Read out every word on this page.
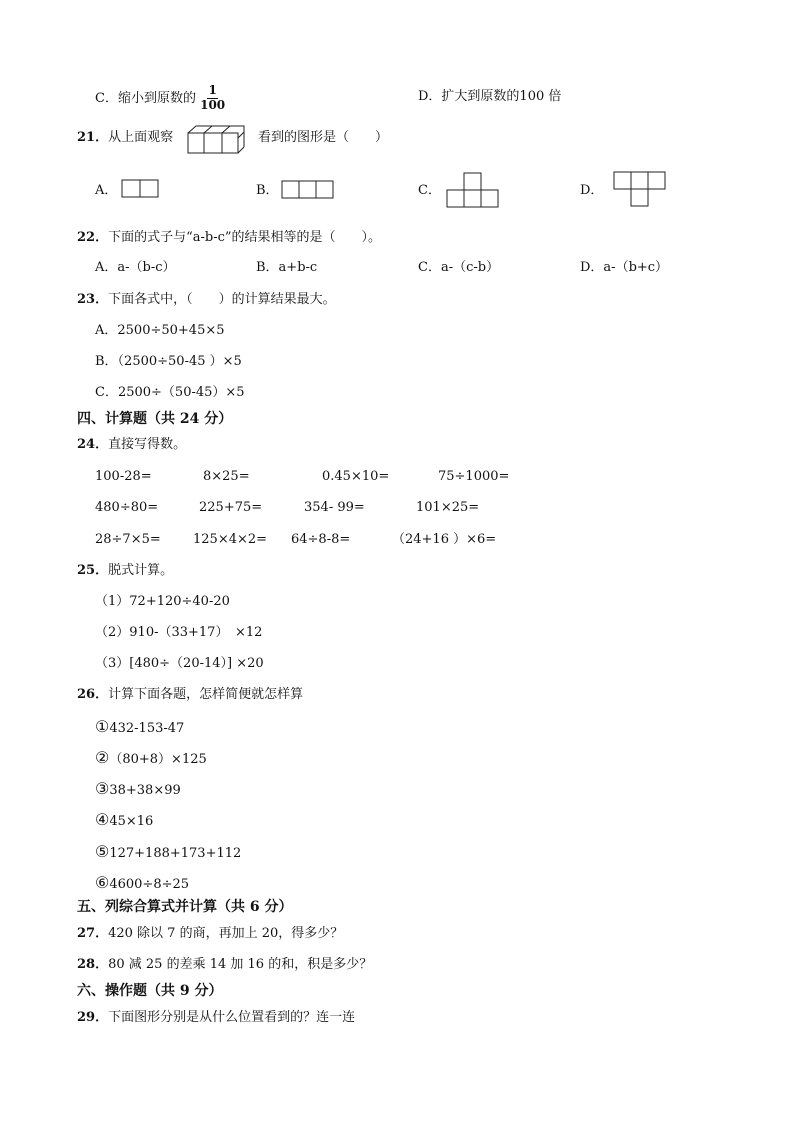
C．缩小到原数的 $\frac{1}{100}$	D．扩大到原数的100 倍
21．从上面观察	看到的图形是（　　）
A．	B．	C．	D．
22．下面的式子与“a-b-c”的结果相等的是（　　）。
A．a-（b-c）	B．a+b-c	C．a-（c-b）	D．a-（b+c）
23．下面各式中，（　　）的计算结果最大。
A．2500÷50+45×5
B．（2500÷50-45 ）×5
C．2500÷（50-45）×5
四、计算题（共 24 分）
24．直接写得数。
100-28=	8×25=	0.45×10=	75÷1000=
480÷80=	225+75=	354- 99=	101×25=
28÷7×5= 125×4×2= 64÷8-8=	（24+16 ）×6=
25．脱式计算。
（1）72+120÷40-20
（2）910-（33+17）　×12
（3）[480÷（20-14）] ×20
26．计算下面各题，怎样简便就怎样算
①432-153-47
②（80+8）×125
③38+38×99
④45×16
⑤127+188+173+112
⑥4600÷8÷25
五、列综合算式并计算（共 6 分）
27．420 除以 7 的商，再加上 20，得多少？
28．80 减 25 的差乘 14 加 16 的和，积是多少？
六、操作题（共 9 分）
29．下面图形分别是从什么位置看到的？连一连
